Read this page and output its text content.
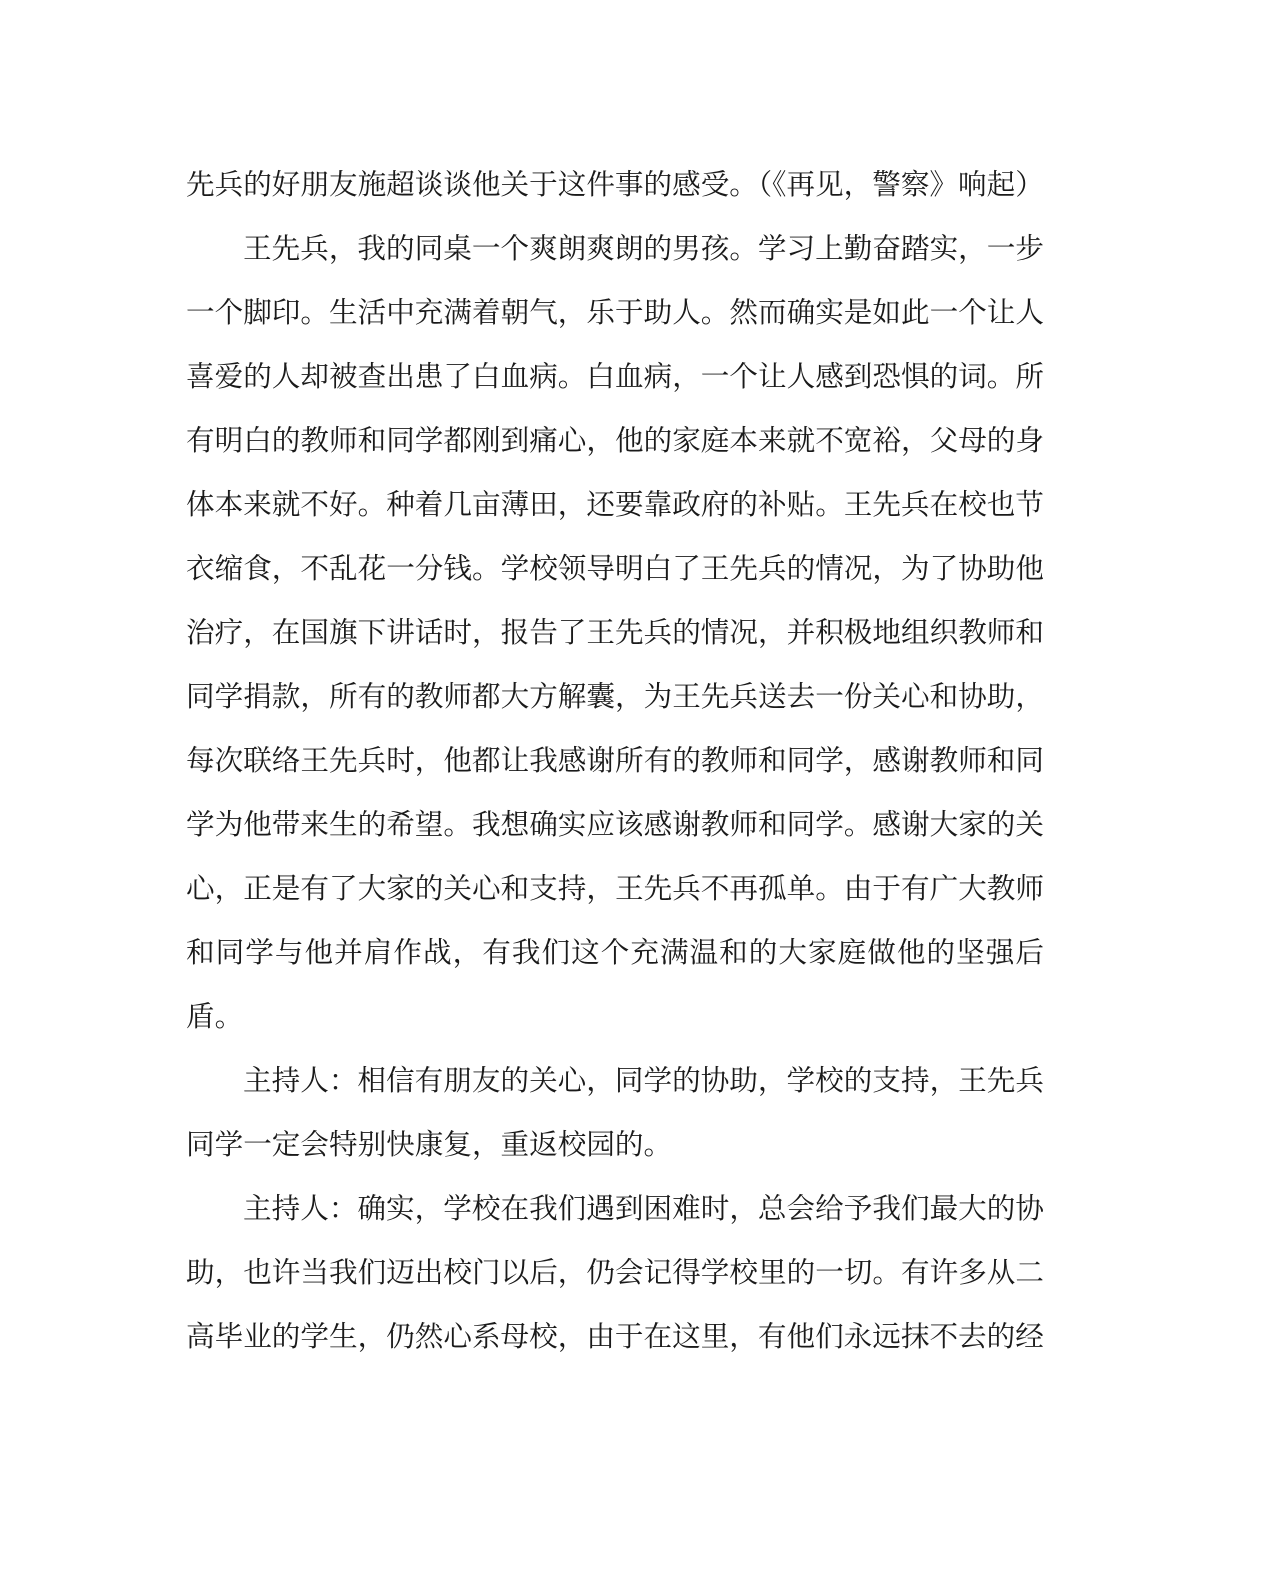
先兵的好朋友施超谈谈他关于这件事的感受。（《再见，警察》响起）

王先兵，我的同桌一个爽朗爽朗的男孩。学习上勤奋踏实，一步一个脚印。生活中充满着朝气，乐于助人。然而确实是如此一个让人喜爱的人却被查出患了白血病。白血病，一个让人感到恐惧的词。所有明白的教师和同学都刚到痛心，他的家庭本来就不宽裕，父母的身体本来就不好。种着几亩薄田，还要靠政府的补贴。王先兵在校也节衣缩食，不乱花一分钱。学校领导明白了王先兵的情况，为了协助他治疗，在国旗下讲话时，报告了王先兵的情况，并积极地组织教师和同学捐款，所有的教师都大方解囊，为王先兵送去一份关心和协助，每次联络王先兵时，他都让我感谢所有的教师和同学，感谢教师和同学为他带来生的希望。我想确实应该感谢教师和同学。感谢大家的关心，正是有了大家的关心和支持，王先兵不再孤单。由于有广大教师和同学与他并肩作战，有我们这个充满温和的大家庭做他的坚强后盾。

主持人：相信有朋友的关心，同学的协助，学校的支持，王先兵同学一定会特别快康复，重返校园的。

主持人：确实，学校在我们遇到困难时，总会给予我们最大的协助，也许当我们迈出校门以后，仍会记得学校里的一切。有许多从二高毕业的学生，仍然心系母校，由于在这里，有他们永远抹不去的经
